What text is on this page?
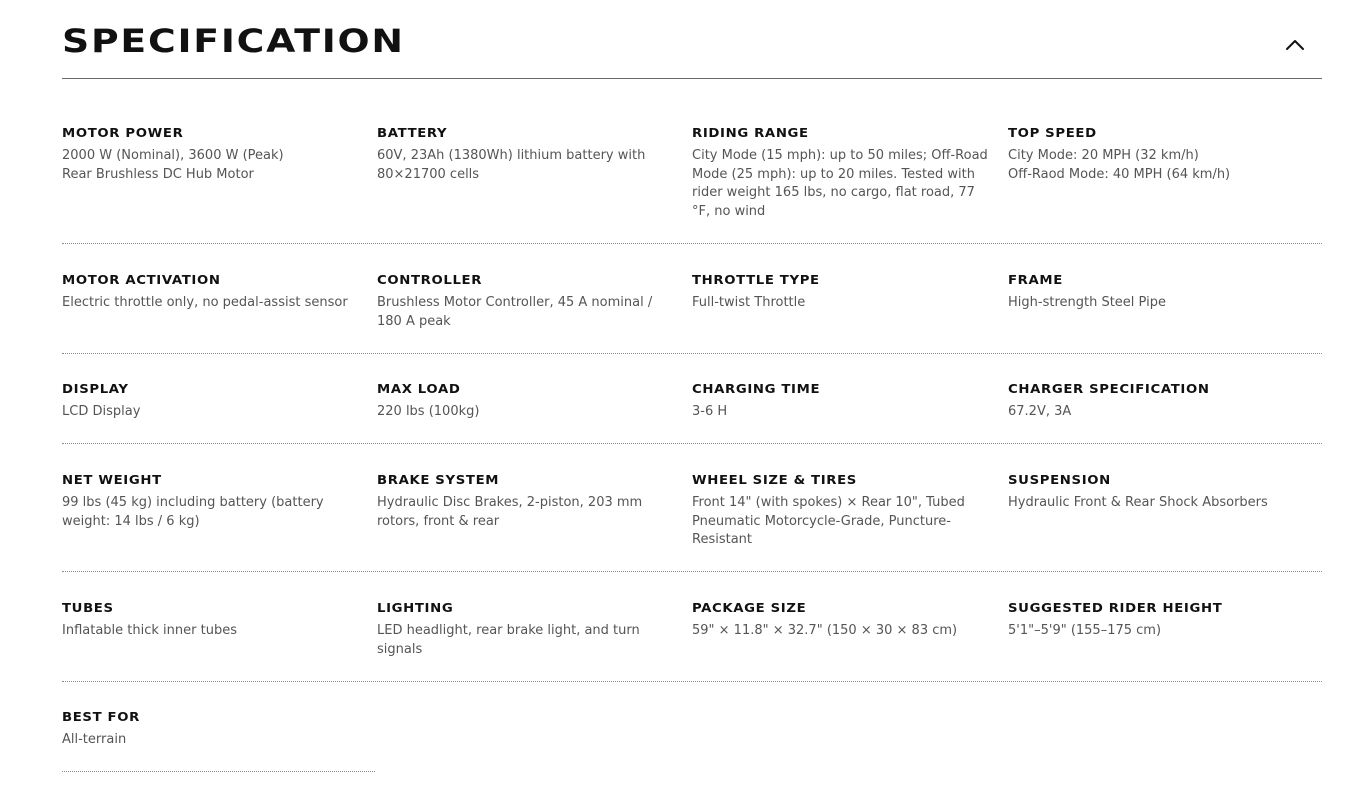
SPECIFICATION
MOTOR POWER
2000 W (Nominal), 3600 W (Peak)
Rear Brushless DC Hub Motor
BATTERY
60V, 23Ah (1380Wh) lithium battery with 80×21700 cells
RIDING RANGE
City Mode (15 mph): up to 50 miles; Off-Road Mode (25 mph): up to 20 miles. Tested with rider weight 165 lbs, no cargo, flat road, 77 °F, no wind
TOP SPEED
City Mode: 20 MPH (32 km/h)
Off-Raod Mode: 40 MPH (64 km/h)
MOTOR ACTIVATION
Electric throttle only, no pedal-assist sensor
CONTROLLER
Brushless Motor Controller, 45 A nominal / 180 A peak
THROTTLE TYPE
Full-twist Throttle
FRAME
High-strength Steel Pipe
DISPLAY
LCD Display
MAX LOAD
220 lbs (100kg)
CHARGING TIME
3-6 H
CHARGER SPECIFICATION
67.2V, 3A
NET WEIGHT
99 lbs (45 kg) including battery (battery weight: 14 lbs / 6 kg)
BRAKE SYSTEM
Hydraulic Disc Brakes, 2-piston, 203 mm rotors, front & rear
WHEEL SIZE & TIRES
Front 14" (with spokes) × Rear 10", Tubed Pneumatic Motorcycle-Grade, Puncture-Resistant
SUSPENSION
Hydraulic Front & Rear Shock Absorbers
TUBES
Inflatable thick inner tubes
LIGHTING
LED headlight, rear brake light, and turn signals
PACKAGE SIZE
59" × 11.8" × 32.7" (150 × 30 × 83 cm)
SUGGESTED RIDER HEIGHT
5'1"–5'9" (155–175 cm)
BEST FOR
All-terrain
